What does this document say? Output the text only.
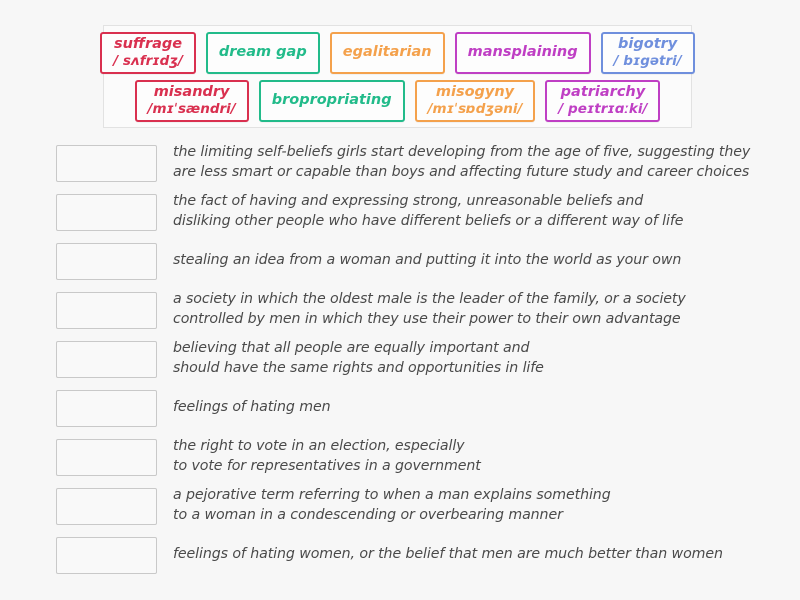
suffrage
/ sʌfrɪdʒ/
dream gap egalitarian mansplaining	bigotry
/ bɪgətri/
misandry
/mɪˈsændri/
bropropriating	misogyny
/mɪˈsɒdʒəni/
patriarchy
/ peɪtrɪɑːki/
the limiting self-beliefs girls start developing from the age of five, suggesting they
are less smart or capable than boys and affecting future study and career choices
the fact of having and expressing strong, unreasonable beliefs and
disliking other people who have different beliefs or a different way of life
stealing an idea from a woman and putting it into the world as your own
a society in which the oldest male is the leader of the family, or a society
controlled by men in which they use their power to their own advantage
believing that all people are equally important and
should have the same rights and opportunities in life
feelings of hating men
the right to vote in an election, especially
to vote for representatives in a government
a pejorative term referring to when a man explains something
to a woman in a condescending or overbearing manner
feelings of hating women, or the belief that men are much better than women
